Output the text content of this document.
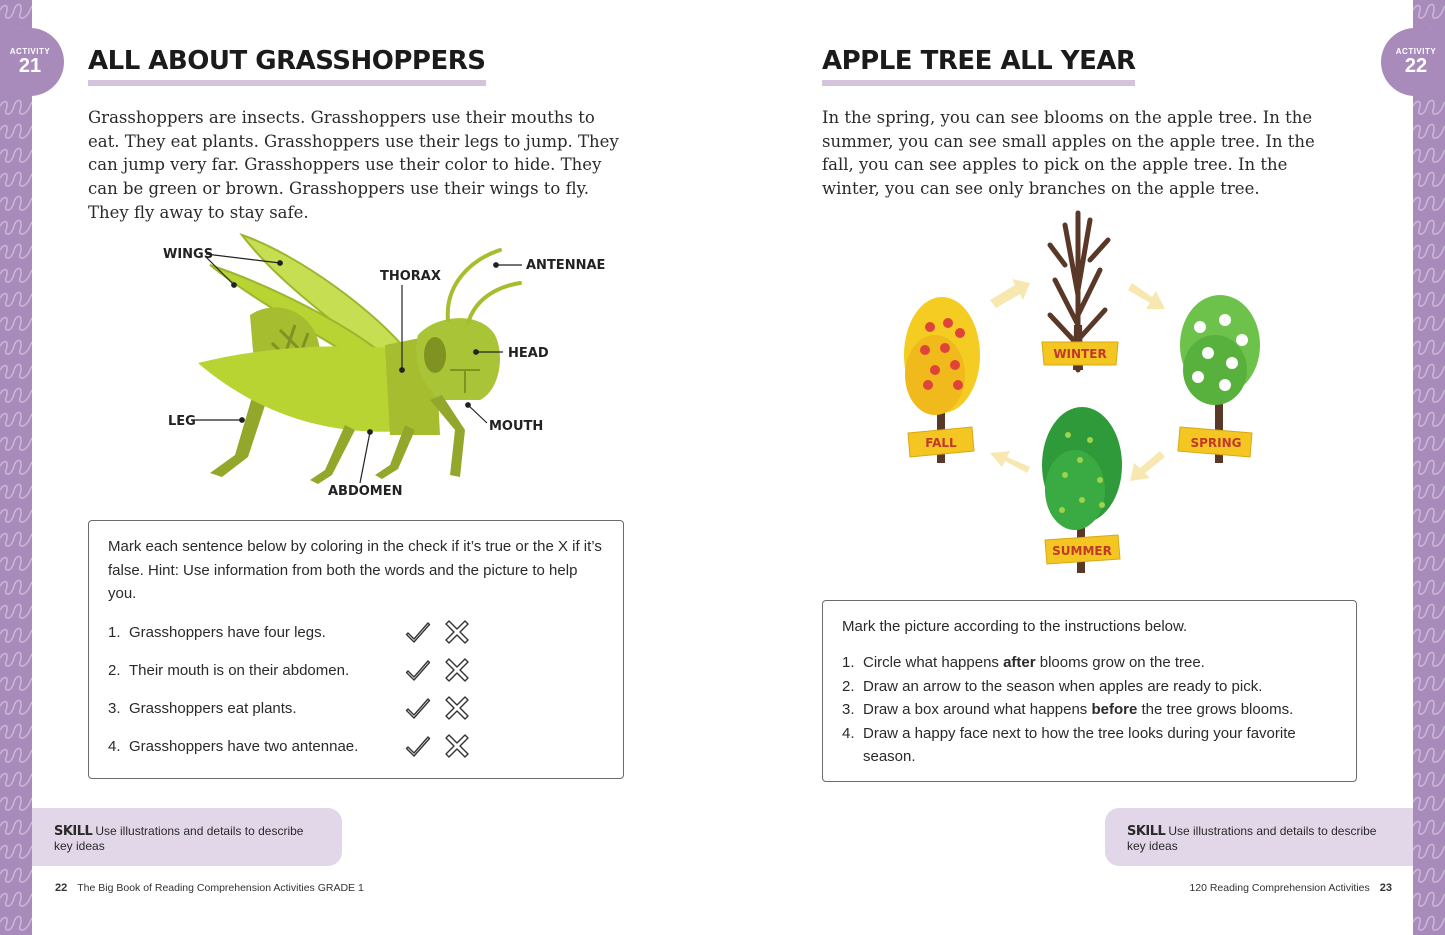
ACTIVITY
21
ACTIVITY
22
ALL ABOUT GRASSHOPPERS
Grasshoppers are insects. Grasshoppers use their mouths to eat. They eat plants. Grasshoppers use their legs to jump. They can jump very far. Grasshoppers use their color to hide. They can be green or brown. Grasshoppers use their wings to fly. They fly away to stay safe.
WINGS
THORAX
ANTENNAE
HEAD
LEG	MOUTH
ABDOMEN
Mark each sentence below by coloring in the check if it’s true or the X if it’s false. Hint: Use information from both the words and the picture to help you.
1. Grasshoppers have four legs.
2. Their mouth is on their abdomen.
3. Grasshoppers eat plants.
4. Grasshoppers have two antennae.
SKILL Use illustrations and details to describe key ideas
22 The Big Book of Reading Comprehension Activities GRADE 1
APPLE TREE ALL YEAR
In the spring, you can see blooms on the apple tree. In the summer, you can see small apples on the apple tree. In the fall, you can see apples to pick on the apple tree. In the winter, you can see only branches on the apple tree.
WINTER
FALL	SPRING
SUMMER
Mark the picture according to the instructions below.
1. Circle what happens after blooms grow on the tree.
2. Draw an arrow to the season when apples are ready to pick.
3. Draw a box around what happens before the tree grows blooms.
4. Draw a happy face next to how the tree looks during your favorite season.
SKILL Use illustrations and details to describe key ideas
120 Reading Comprehension Activities 23
